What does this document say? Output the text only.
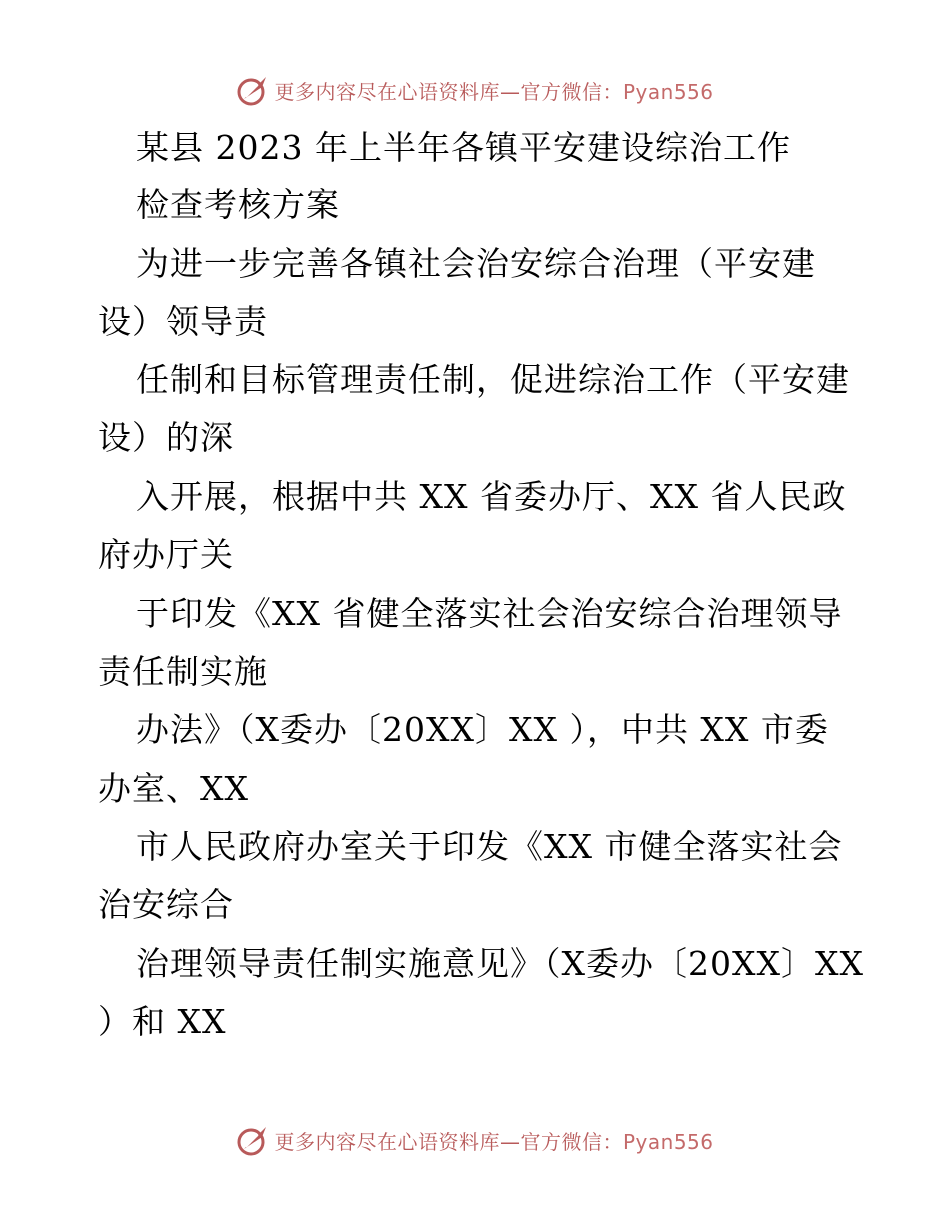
更多内容尽在心语资料库—官方微信：Pyan556
某县 2023 年上半年各镇平安建设综治工作
检查考核方案
为进一步完善各镇社会治安综合治理（平安建
设）领导责
任制和目标管理责任制，促进综治工作（平安建
设）的深
入开展，根据中共 XX 省委办厅、XX 省人民政
府办厅关
于印发《XX 省健全落实社会治安综合治理领导
责任制实施
办法》（X委办〔20XX〕XX ），中共 XX 市委
办室、XX
市人民政府办室关于印发《XX 市健全落实社会
治安综合
治理领导责任制实施意见》（X委办〔20XX〕XX
）和 XX
更多内容尽在心语资料库—官方微信：Pyan556
